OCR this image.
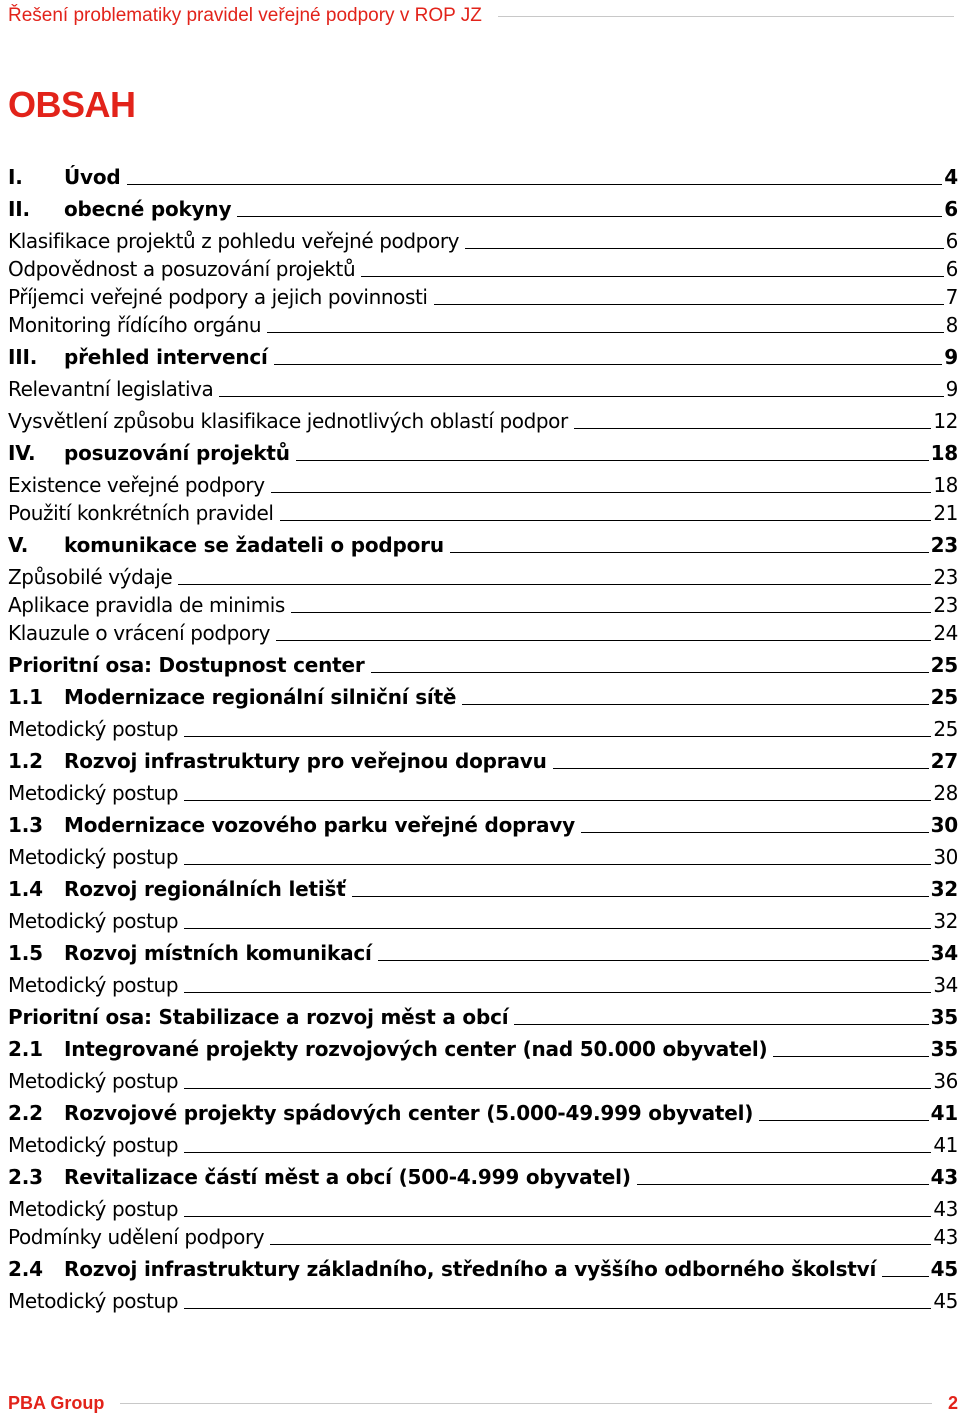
Řešení problematiky pravidel veřejné podpory v ROP JZ
OBSAH
I.	Úvod	4
II.	obecné pokyny	6
Klasifikace projektů z pohledu veřejné podpory	6
Odpovědnost a posuzování projektů	6
Příjemci veřejné podpory a jejich povinnosti	7
Monitoring řídícího orgánu	8
III.	přehled intervencí	9
Relevantní legislativa	9
Vysvětlení způsobu klasifikace jednotlivých oblastí podpor	12
IV.	posuzování projektů	18
Existence veřejné podpory	18
Použití konkrétních pravidel	21
V.	komunikace se žadateli o podporu	23
Způsobilé výdaje	23
Aplikace pravidla de minimis	23
Klauzule o vrácení podpory	24
Prioritní osa: Dostupnost center	25
1.1	Modernizace regionální silniční sítě	25
Metodický postup	25
1.2	Rozvoj infrastruktury pro veřejnou dopravu	27
Metodický postup	28
1.3	Modernizace vozového parku veřejné dopravy	30
Metodický postup	30
1.4	Rozvoj regionálních letišť	32
Metodický postup	32
1.5	Rozvoj místních komunikací	34
Metodický postup	34
Prioritní osa: Stabilizace a rozvoj měst a obcí	35
2.1	Integrované projekty rozvojových center (nad 50.000 obyvatel)	35
Metodický postup	36
2.2	Rozvojové projekty spádových center (5.000-49.999 obyvatel)	41
Metodický postup	41
2.3	Revitalizace částí měst a obcí (500-4.999 obyvatel)	43
Metodický postup	43
Podmínky udělení podpory	43
2.4	Rozvoj infrastruktury základního, středního a vyššího odborného školství	45
Metodický postup	45
PBA Group	2
